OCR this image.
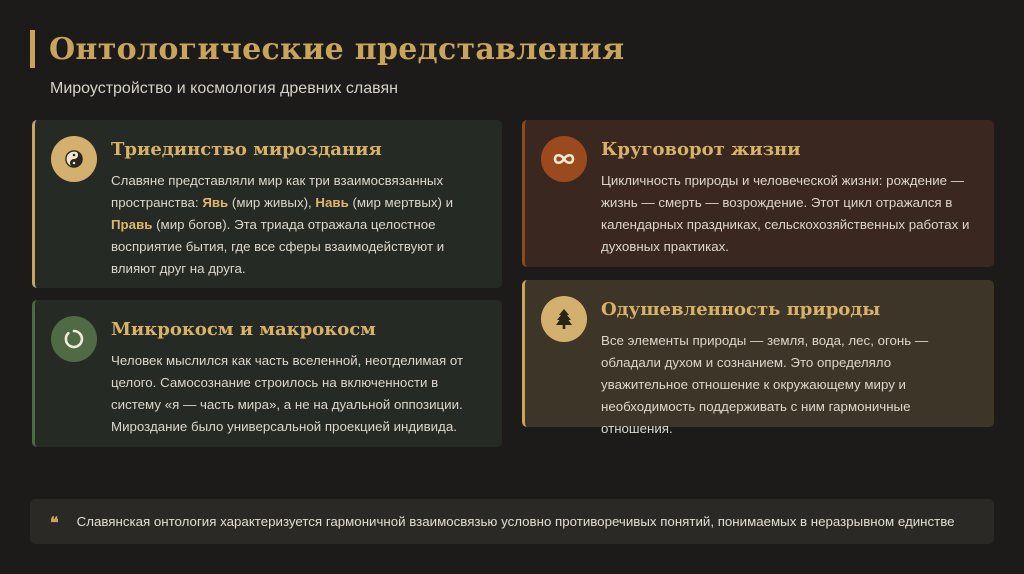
Онтологические представления
Мироустройство и космология древних славян
Триединство мироздания

Славяне представляли мир как три взаимосвязанных пространства: Явь (мир живых), Навь (мир мертвых) и Правь (мир богов). Эта триада отражала целостное восприятие бытия, где все сферы взаимодействуют и влияют друг на друга.

Микрокосм и макрокосм

Человек мыслился как часть вселенной, неотделимая от целого. Самосознание строилось на включенности в систему «я — часть мира», а не на дуальной оппозиции. Мироздание было универсальной проекцией индивида.

Круговорот жизни

Цикличность природы и человеческой жизни: рождение — жизнь — смерть — возрождение. Этот цикл отражался в календарных праздниках, сельскохозяйственных работах и духовных практиках.

Одушевленность природы

Все элементы природы — земля, вода, лес, огонь — обладали духом и сознанием. Это определяло уважительное отношение к окружающему миру и необходимость поддерживать с ним гармоничные отношения.

❝ Славянская онтология характеризуется гармоничной взаимосвязью условно противоречивых понятий, понимаемых в неразрывном единстве
